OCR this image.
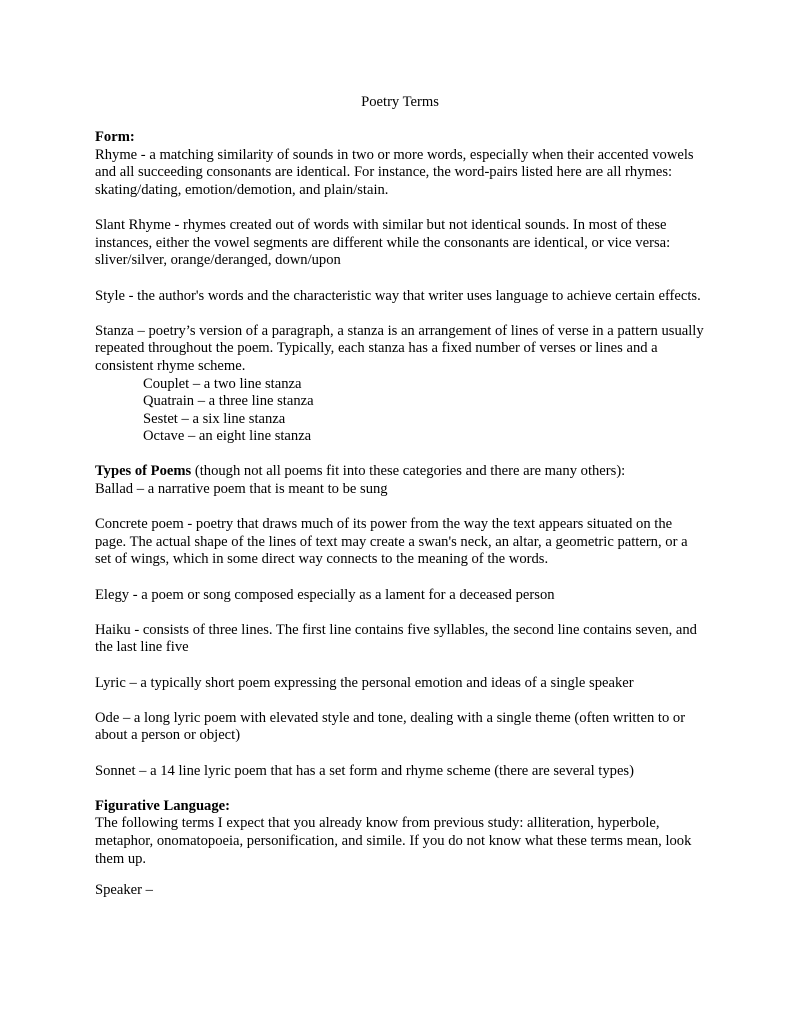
Poetry Terms

Form:

Rhyme - a matching similarity of sounds in two or more words, especially when their accented vowels and all succeeding consonants are identical. For instance, the word-pairs listed here are all rhymes: skating/dating, emotion/demotion, and plain/stain.

Slant Rhyme - rhymes created out of words with similar but not identical sounds. In most of these instances, either the vowel segments are different while the consonants are identical, or vice versa: sliver/silver, orange/deranged, down/upon

Style - the author's words and the characteristic way that writer uses language to achieve certain effects.

Stanza – poetry’s version of a paragraph, a stanza is an arrangement of lines of verse in a pattern usually repeated throughout the poem. Typically, each stanza has a fixed number of verses or lines and a consistent rhyme scheme.

Couplet – a two line stanza

Quatrain – a three line stanza

Sestet – a six line stanza

Octave – an eight line stanza

Types of Poems (though not all poems fit into these categories and there are many others):

Ballad – a narrative poem that is meant to be sung

Concrete poem - poetry that draws much of its power from the way the text appears situated on the page. The actual shape of the lines of text may create a swan's neck, an altar, a geometric pattern, or a set of wings, which in some direct way connects to the meaning of the words.

Elegy - a poem or song composed especially as a lament for a deceased person

Haiku - consists of three lines. The first line contains five syllables, the second line contains seven, and the last line five

Lyric – a typically short poem expressing the personal emotion and ideas of a single speaker

Ode – a long lyric poem with elevated style and tone, dealing with a single theme (often written to or about a person or object)

Sonnet – a 14 line lyric poem that has a set form and rhyme scheme (there are several types)

Figurative Language:

The following terms I expect that you already know from previous study: alliteration, hyperbole, metaphor, onomatopoeia, personification, and simile. If you do not know what these terms mean, look them up.

Speaker –
